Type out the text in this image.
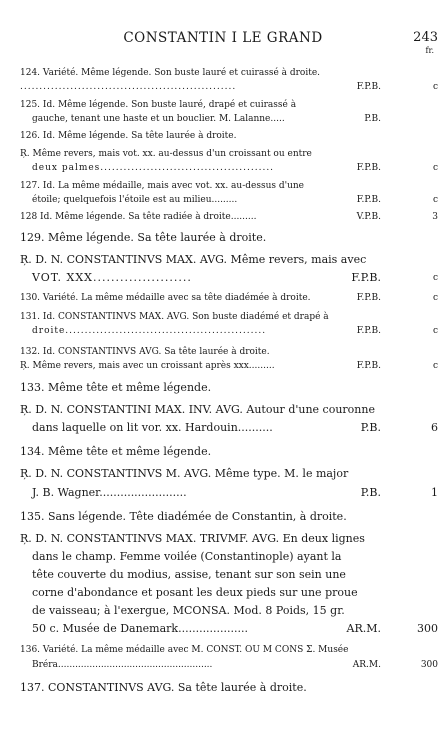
CONSTANTIN I LE GRAND	243
fr.
124. Variété. Même légende. Son buste lauré et cuirassé à droite.
........................................................	F.P.B.	c
125. Id. Même légende. Son buste lauré, drapé et cuirassé à
gauche, tenant une haste et un bouclier. M. Lalanne.....	P.B.
126. Id. Même légende. Sa tête laurée à droite.
Ŗ. Même revers, mais vot. xx. au-dessus d'un croissant ou entre
deux palmes.............................................	F.P.B.	c
127. Id. La même médaille, mais avec vot. xx. au-dessus d'une
étoile; quelquefois l'étoile est au milieu.........	F.P.B.	c
128 Id. Même légende. Sa tête radiée à droite.........	V.P.B.	3
129. Même légende. Sa tête laurée à droite.
Ŗ. D. N. CONSTANTINVS MAX. AVG. Même revers, mais avec
VOT. XXX......................	F.P.B.	c
130. Variété. La même médaille avec sa tête diadémée à droite.	F.P.B.	c
131. Id. CONSTANTINVS MAX. AVG. Son buste diadémé et drapé à
droite....................................................	F.P.B.	c
132. Id. CONSTANTINVS AVG. Sa tête laurée à droite.
Ŗ. Même revers, mais avec un croissant après xxx.........	F.P.B.	c
133. Même tête et même légende.
Ŗ. D. N. CONSTANTINI MAX. INV. AVG. Autour d'une couronne
dans laquelle on lit vor. xx. Hardouin..........	P.B.	6
134. Même tête et même légende.
Ŗ. D. N. CONSTANTINVS M. AVG. Même type. M. le major
J. B. Wagner.........................	P.B.	1
135. Sans légende. Tête diadémée de Constantin, à droite.
Ŗ. D. N. CONSTANTINVS MAX. TRIVMF. AVG. En deux lignes
dans le champ. Femme voilée (Constantinople) ayant la
tête couverte du modius, assise, tenant sur son sein une
corne d'abondance et posant les deux pieds sur une proue
de vaisseau; à l'exergue, MCONSA. Mod. 8 Poids, 15 gr.
50 c. Musée de Danemark....................	AR.M.	300
136. Variété. La même médaille avec M. CONST. OU M CONS Σ. Musée
Bréra......................................................	AR.M.	300
137. CONSTANTINVS AVG. Sa tête laurée à droite.
